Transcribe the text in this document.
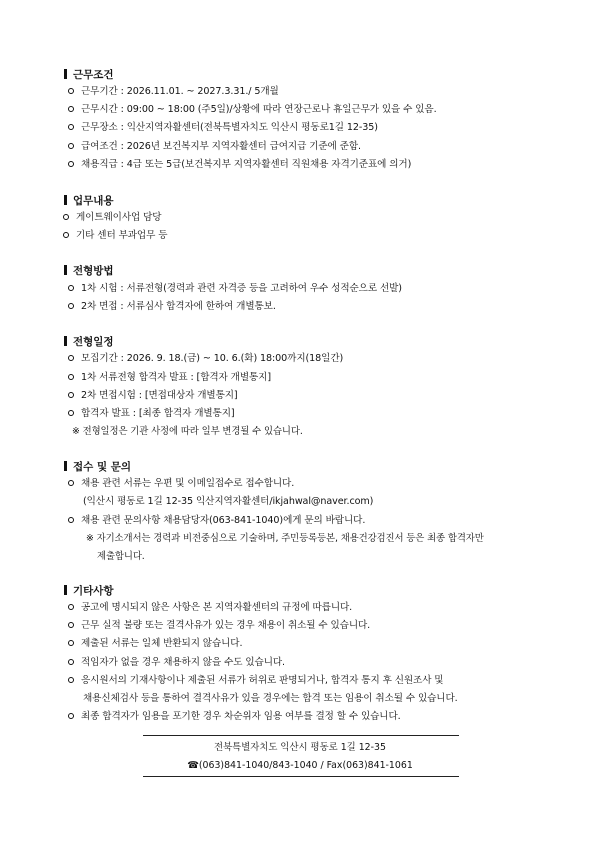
근무조건
근무기간 : 2026.11.01. ~ 2027.3.31./ 5개월
근무시간 : 09:00 ~ 18:00 (주5일)/상황에 따라 연장근로나 휴일근무가 있을 수 있음.
근무장소 : 익산지역자활센터(전북특별자치도 익산시 평동로1길 12-35)
급여조건 : 2026년 보건복지부 지역자활센터 급여지급 기준에 준함.
채용직급 : 4급 또는 5급(보건복지부 지역자활센터 직원채용 자격기준표에 의거)
업무내용
게이트웨이사업 담당
기타 센터 부과업무 등
전형방법
1차 시험 : 서류전형(경력과 관련 자격증 등을 고려하여 우수 성적순으로 선발)
2차 면접 : 서류심사 합격자에 한하여 개별통보.
전형일정
모집기간 : 2026. 9. 18.(금) ~ 10. 6.(화) 18:00까지(18일간)
1차 서류전형 합격자 발표 : [합격자 개별통지]
2차 면접시험 : [면접대상자 개별통지]
합격자 발표 : [최종 합격자 개별통지]
※ 전형일정은 기관 사정에 따라 일부 변경될 수 있습니다.
접수 및 문의
채용 관련 서류는 우편 및 이메일접수로 접수합니다.
(익산시 평동로 1길 12-35 익산지역자활센터/ikjahwal@naver.com)
채용 관련 문의사항 채용담당자(063-841-1040)에게 문의 바랍니다.
※ 자기소개서는 경력과 비전중심으로 기술하며, 주민등록등본, 채용건강검진서 등은 최종 합격자만
제출합니다.
기타사항
공고에 명시되지 않은 사항은 본 지역자활센터의 규정에 따릅니다.
근무 실적 불량 또는 결격사유가 있는 경우 채용이 취소될 수 있습니다.
제출된 서류는 일체 반환되지 않습니다.
적임자가 없을 경우 채용하지 않을 수도 있습니다.
응시원서의 기재사항이나 제출된 서류가 허위로 판명되거나, 합격자 통지 후 신원조사 및
채용신체검사 등을 통하여 결격사유가 있을 경우에는 합격 또는 임용이 취소될 수 있습니다.
최종 합격자가 임용을 포기한 경우 차순위자 임용 여부를 결정 할 수 있습니다.
전북특별자치도 익산시 평동로 1길 12-35
☎(063)841-1040/843-1040 / Fax(063)841-1061
